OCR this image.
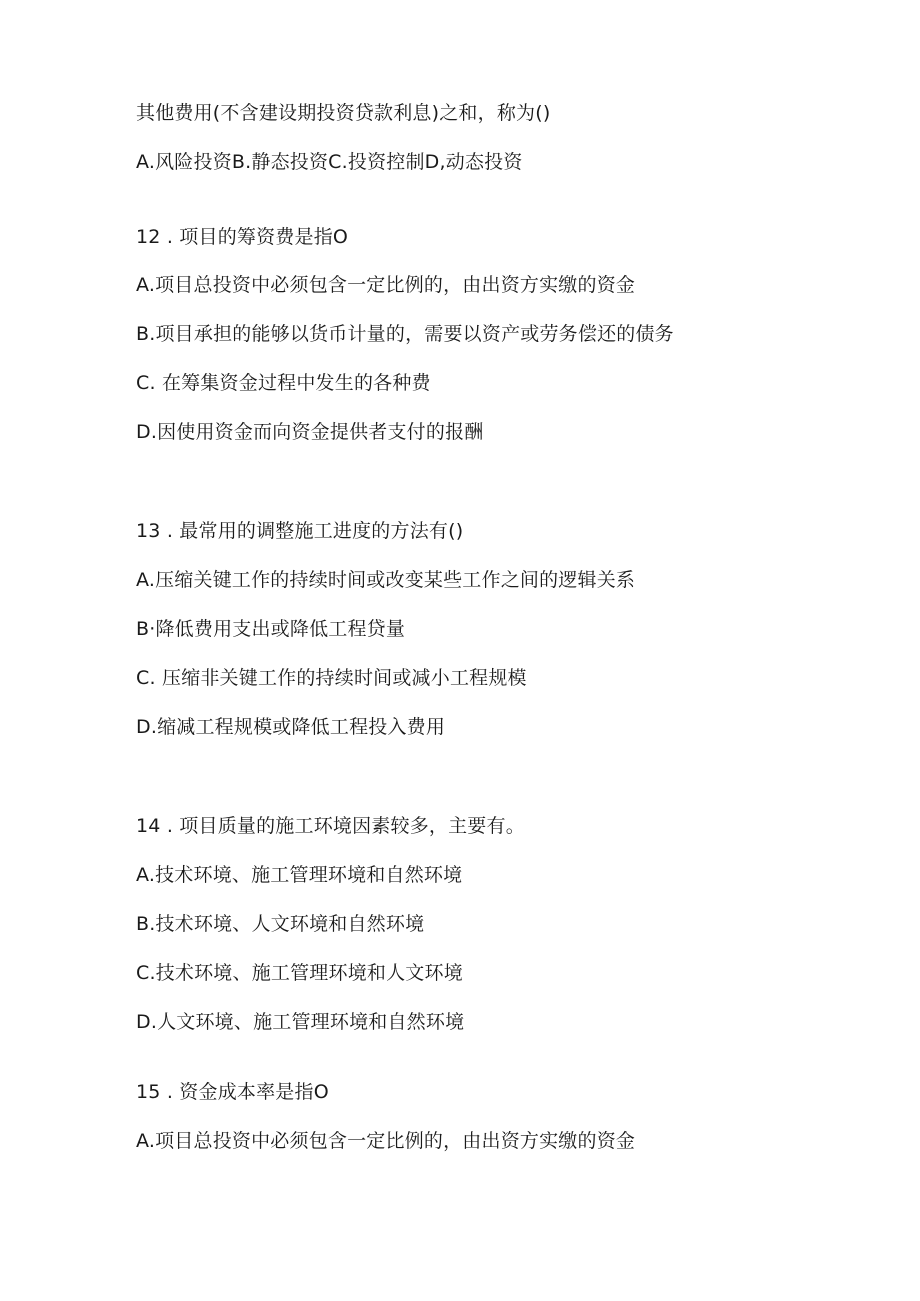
其他费用(不含建设期投资贷款利息)之和，称为()
A.风险投资B.静态投资C.投资控制D,动态投资
12 . 项目的筹资费是指O
A.项目总投资中必须包含一定比例的，由出资方实缴的资金
B.项目承担的能够以货币计量的，需要以资产或劳务偿还的债务
C. 在筹集资金过程中发生的各种费
D.因使用资金而向资金提供者支付的报酬
13 . 最常用的调整施工进度的方法有()
A.压缩关键工作的持续时间或改变某些工作之间的逻辑关系
B·降低费用支出或降低工程贷量
C. 压缩非关键工作的持续时间或减小工程规模
D.缩减工程规模或降低工程投入费用
14 . 项目质量的施工环境因素较多，主要有。
A.技术环境、施工管理环境和自然环境
B.技术环境、人文环境和自然环境
C.技术环境、施工管理环境和人文环境
D.人文环境、施工管理环境和自然环境
15 . 资金成本率是指O
A.项目总投资中必须包含一定比例的，由出资方实缴的资金
